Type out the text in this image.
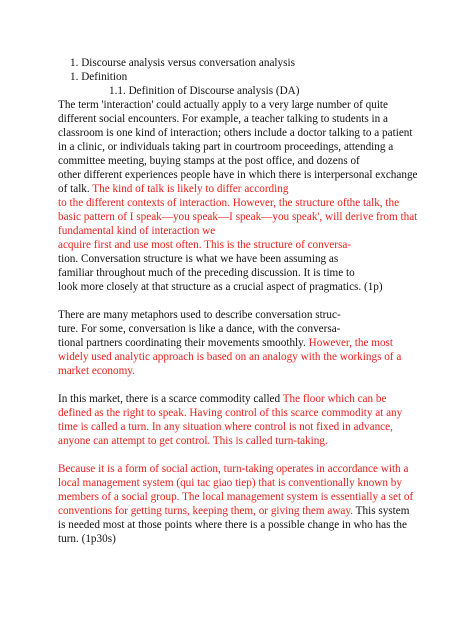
1. Discourse analysis versus conversation analysis
1. Definition
1.1. Definition of Discourse analysis (DA)
The term 'interaction' could actually apply to a very large number of quite
different social encounters. For example, a teacher talking to students in a
classroom is one kind of interaction; others include a doctor talking to a patient
in a clinic, or individuals taking part in courtroom proceedings, attending a
committee meeting, buying stamps at the post office, and dozens of
other different experiences people have in which there is interpersonal exchange
of talk. The kind of talk is likely to differ according
to the different contexts of interaction. However, the structure ofthe talk, the
basic pattern of I speak—you speak—I speak—you speak', will derive from that
fundamental kind of interaction we
acquire first and use most often. This is the structure of conversa-
tion. Conversation structure is what we have been assuming as
familiar throughout much of the preceding discussion. It is time to
look more closely at that structure as a crucial aspect of pragmatics. (1p)
There are many metaphors used to describe conversation struc-
ture. For some, conversation is like a dance, with the conversa-
tional partners coordinating their movements smoothly. However, the most
widely used analytic approach is based on an analogy with the workings of a
market economy.
In this market, there is a scarce commodity called The floor which can be
defined as the right to speak. Having control of this scarce commodity at any
time is called a turn. In any situation where control is not fixed in advance,
anyone can attempt to get control. This is called turn-taking.
Because it is a form of social action, turn-taking operates in accordance with a
local management system (qui tac giao tiep) that is conventionally known by
members of a social group. The local management system is essentially a set of
conventions for getting turns, keeping them, or giving them away. This system
is needed most at those points where there is a possible change in who has the
turn. (1p30s)
